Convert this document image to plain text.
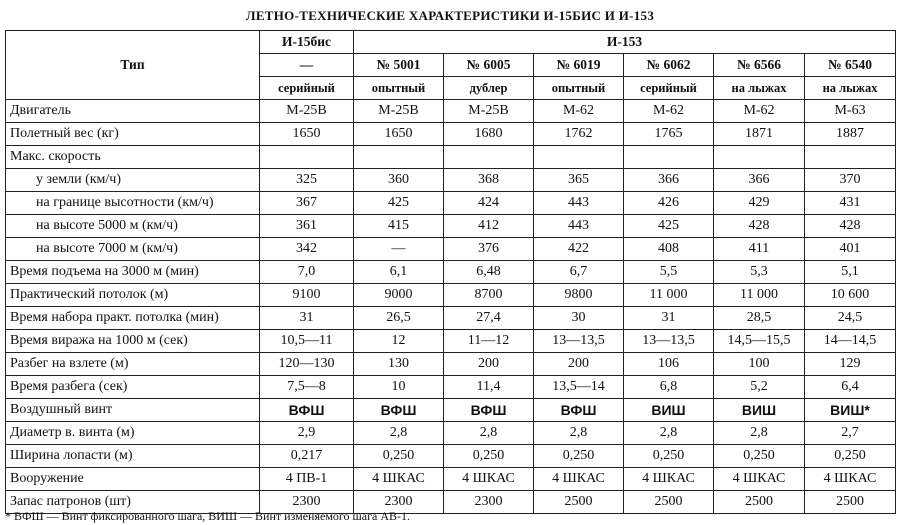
ЛЕТНО-ТЕХНИЧЕСКИЕ ХАРАКТЕРИСТИКИ И-15БИС И И-153
Тип	И-15бис	И-153					
	—	№ 5001	№ 6005	№ 6019	№ 6062	№ 6566	№ 6540
	серийный	опытный	дублер	опытный	серийный	на лыжах	на лыжах
Двигатель	М-25В	М-25В	М-25В	М-62	М-62	М-62	М-63
Полетный вес (кг)	1650	1650	1680	1762	1765	1871	1887
Макс. скорость							
у земли (км/ч)	325	360	368	365	366	366	370
на границе высотности (км/ч)	367	425	424	443	426	429	431
на высоте 5000 м (км/ч)	361	415	412	443	425	428	428
на высоте 7000 м (км/ч)	342	—	376	422	408	411	401
Время подъема на 3000 м (мин)	7,0	6,1	6,48	6,7	5,5	5,3	5,1
Практический потолок (м)	9100	9000	8700	9800	11 000	11 000	10 600
Время набора практ. потолка (мин)	31	26,5	27,4	30	31	28,5	24,5
Время виража на 1000 м (сек)	10,5—11	12	11—12	13—13,5	13—13,5	14,5—15,5	14—14,5
Разбег на взлете (м)	120—130	130	200	200	106	100	129
Время разбега (сек)	7,5—8	10	11,4	13,5—14	6,8	5,2	6,4
Воздушный винт	ВФШ	ВФШ	ВФШ	ВФШ	ВИШ	ВИШ	ВИШ*
Диаметр в. винта (м)	2,9	2,8	2,8	2,8	2,8	2,8	2,7
Ширина лопасти (м)	0,217	0,250	0,250	0,250	0,250	0,250	0,250
Вооружение	4 ПВ-1	4 ШКАС	4 ШКАС	4 ШКАС	4 ШКАС	4 ШКАС	4 ШКАС
Запас патронов (шт)	2300	2300	2300	2500	2500	2500	2500
* ВФШ — Винт фиксированного шага, ВИШ — Винт изменяемого шага АВ-1.
